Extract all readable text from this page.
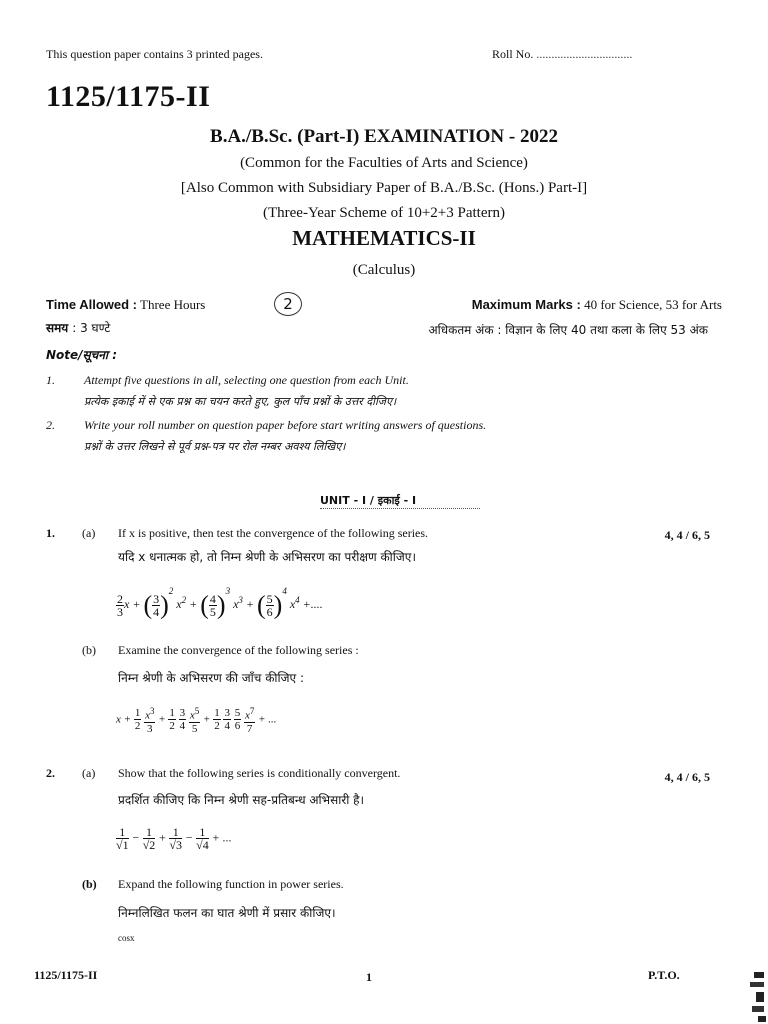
This question paper contains 3 printed pages.	Roll No. ................................
1125/1175-II
B.A./B.Sc. (Part-I) EXAMINATION - 2022
(Common for the Faculties of Arts and Science)
[Also Common with Subsidiary Paper of B.A./B.Sc. (Hons.) Part-I]
(Three-Year Scheme of 10+2+3 Pattern)
MATHEMATICS-II
(Calculus)
2
Time Allowed : Three Hours
समय : 3 घण्टे
Maximum Marks : 40 for Science, 53 for Arts
अधिकतम अंक : विज्ञान के लिए 40 तथा कला के लिए 53 अंक
Note/सूचना :
1. Attempt five questions in all, selecting one question from each Unit.
प्रत्येक इकाई में से एक प्रश्न का चयन करते हुए, कुल पाँच प्रश्नों के उत्तर दीजिए।
2. Write your roll number on question paper before start writing answers of questions.
प्रश्नों के उत्तर लिखने से पूर्व प्रश्न-पत्र पर रोल नम्बर अवश्य लिखिए।
UNIT - I / इकाई - I
1. (a) If x is positive, then test the convergence of the following series.	4, 4 / 6, 5
यदि x धनात्मक हो, तो निम्न श्रेणी के अभिसरण का परीक्षण कीजिए।
$\frac{2}{3}$ x + ( $\frac{3}{4} )^2$ $x^2$ + ( $\frac{4}{5} )^3$ $x^3$ + ( $\frac{5}{6} )^4$ $x^4$ +....
(b) Examine the convergence of the following series :
निम्न श्रेणी के अभिसरण की जाँच कीजिए :
$x + \frac{1}{2}$
$\frac{x^3}{3} + \frac{1}{2}$
$\frac{3}{4}$
$\frac{x^5}{5} + \frac{1}{2}$
$\frac{3}{4}$
$\frac{5}{6}$
$\frac{x^7}{7}$ + ...
2. (a) Show that the following series is conditionally convergent.	4, 4 / 6, 5
प्रदर्शित कीजिए कि निम्न श्रेणी सह-प्रतिबन्ध अभिसारी है।
$\frac{1}{√1} - \frac{1}{√2} + \frac{1}{√3} - \frac{1}{√4}$ + ...
(b) Expand the following function in power series.
निम्नलिखित फलन का घात श्रेणी में प्रसार कीजिए।
cosx
1125/1175-II	1	P.T.O.
